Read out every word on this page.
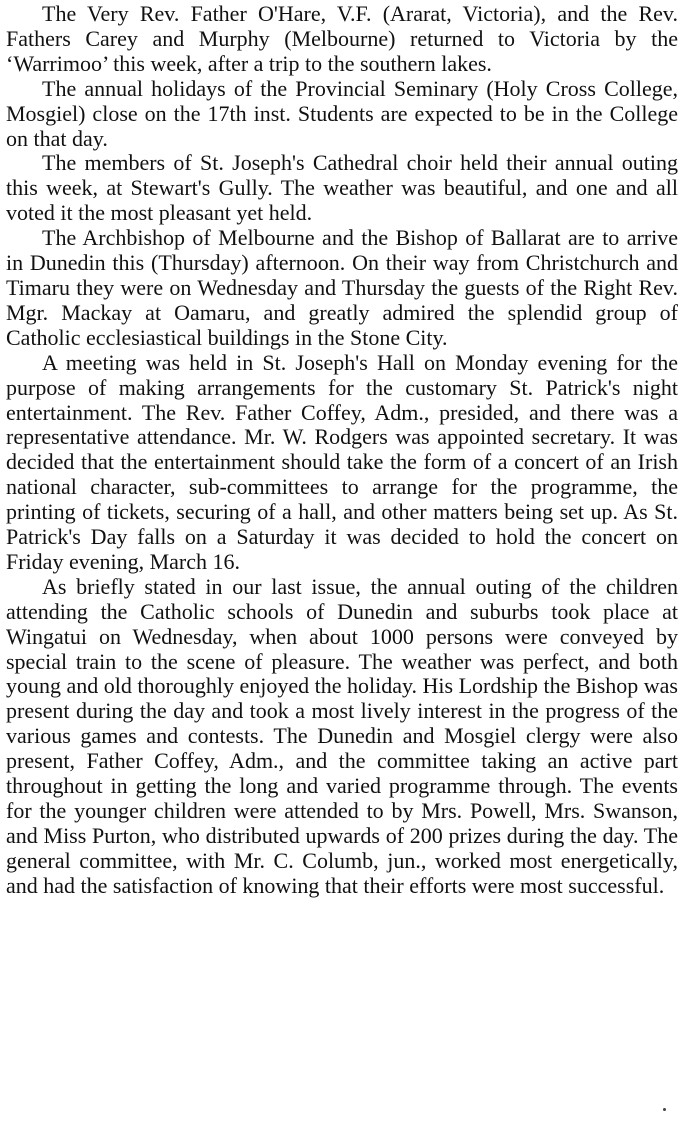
The Very Rev. Father O'Hare, V.F. (Ararat, Victoria), and the Rev. Fathers Carey and Murphy (Melbourne) returned to Victoria by the ‘Warrimoo’ this week, after a trip to the southern lakes.

The annual holidays of the Provincial Seminary (Holy Cross College, Mosgiel) close on the 17th inst. Students are expected to be in the College on that day.

The members of St. Joseph's Cathedral choir held their annual outing this week, at Stewart's Gully. The weather was beautiful, and one and all voted it the most pleasant yet held.

The Archbishop of Melbourne and the Bishop of Ballarat are to arrive in Dunedin this (Thursday) afternoon. On their way from Christchurch and Timaru they were on Wednesday and Thursday the guests of the Right Rev. Mgr. Mackay at Oamaru, and greatly admired the splendid group of Catholic ecclesiastical buildings in the Stone City.

A meeting was held in St. Joseph's Hall on Monday evening for the purpose of making arrangements for the customary St. Patrick's night entertainment. The Rev. Father Coffey, Adm., presided, and there was a representative attendance. Mr. W. Rodgers was appointed secretary. It was decided that the entertainment should take the form of a concert of an Irish national character, sub-committees to arrange for the programme, the printing of tickets, securing of a hall, and other matters being set up. As St. Patrick's Day falls on a Saturday it was decided to hold the concert on Friday evening, March 16.

As briefly stated in our last issue, the annual outing of the children attending the Catholic schools of Dunedin and suburbs took place at Wingatui on Wednesday, when about 1000 persons were conveyed by special train to the scene of pleasure. The weather was perfect, and both young and old thoroughly enjoyed the holiday. His Lordship the Bishop was present during the day and took a most lively interest in the progress of the various games and contests. The Dunedin and Mosgiel clergy were also present, Father Coffey, Adm., and the committee taking an active part throughout in getting the long and varied programme through. The events for the younger children were attended to by Mrs. Powell, Mrs. Swanson, and Miss Purton, who distributed upwards of 200 prizes during the day. The general committee, with Mr. C. Columb, jun., worked most energetically, and had the satisfaction of knowing that their efforts were most successful.
